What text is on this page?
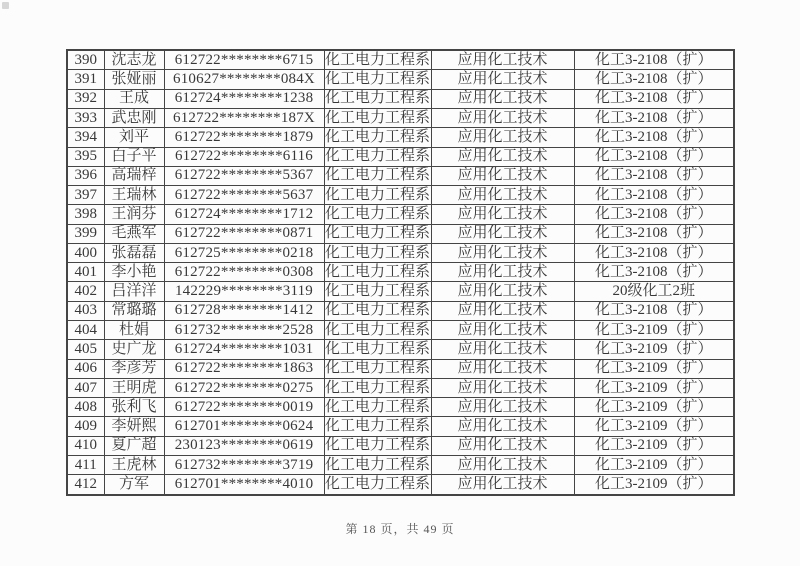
390	沈志龙	612722********6715	化工电力工程系	应用化工技术	化工3-2108（扩）
391	张娅丽	610627********084X	化工电力工程系	应用化工技术	化工3-2108（扩）
392	王成	612724********1238	化工电力工程系	应用化工技术	化工3-2108（扩）
393	武忠刚	612722********187X	化工电力工程系	应用化工技术	化工3-2108（扩）
394	刘平	612722********1879	化工电力工程系	应用化工技术	化工3-2108（扩）
395	白子平	612722********6116	化工电力工程系	应用化工技术	化工3-2108（扩）
396	高瑞梓	612722********5367	化工电力工程系	应用化工技术	化工3-2108（扩）
397	王瑞林	612722********5637	化工电力工程系	应用化工技术	化工3-2108（扩）
398	王润芬	612724********1712	化工电力工程系	应用化工技术	化工3-2108（扩）
399	毛燕军	612722********0871	化工电力工程系	应用化工技术	化工3-2108（扩）
400	张磊磊	612725********0218	化工电力工程系	应用化工技术	化工3-2108（扩）
401	李小艳	612722********0308	化工电力工程系	应用化工技术	化工3-2108（扩）
402	吕洋洋	142229********3119	化工电力工程系	应用化工技术	20级化工2班
403	常璐璐	612728********1412	化工电力工程系	应用化工技术	化工3-2108（扩）
404	杜娟	612732********2528	化工电力工程系	应用化工技术	化工3-2109（扩）
405	史广龙	612724********1031	化工电力工程系	应用化工技术	化工3-2109（扩）
406	李彦芳	612722********1863	化工电力工程系	应用化工技术	化工3-2109（扩）
407	王明虎	612722********0275	化工电力工程系	应用化工技术	化工3-2109（扩）
408	张利飞	612722********0019	化工电力工程系	应用化工技术	化工3-2109（扩）
409	李妍熙	612701********0624	化工电力工程系	应用化工技术	化工3-2109（扩）
410	夏广超	230123********0619	化工电力工程系	应用化工技术	化工3-2109（扩）
411	王虎林	612732********3719	化工电力工程系	应用化工技术	化工3-2109（扩）
412	方军	612701********4010	化工电力工程系	应用化工技术	化工3-2109（扩）
第 18 页，共 49 页
